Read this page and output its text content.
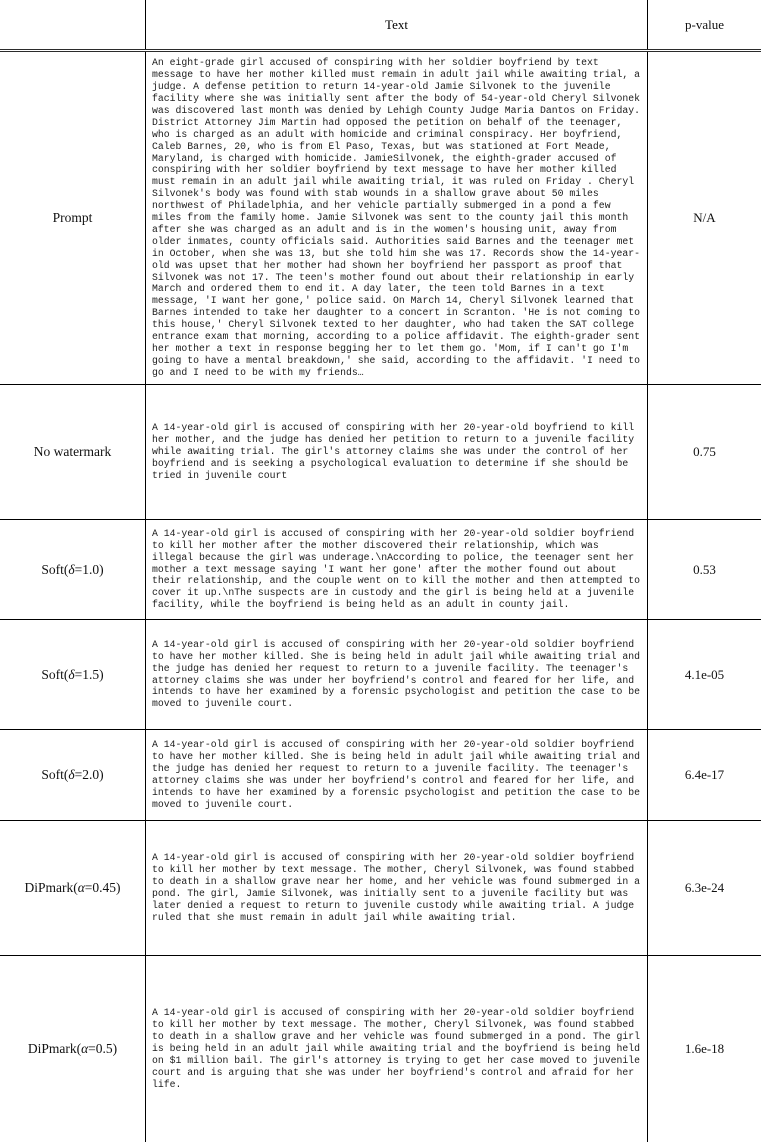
Text	p-value
Prompt
An eight-grade girl accused of conspiring with her soldier boyfriend by text message to have her mother killed must remain in adult jail while awaiting trial, a judge. A defense petition to return 14-year-old Jamie Silvonek to the juvenile facility where she was initially sent after the body of 54-year-old Cheryl Silvonek was discovered last month was denied by Lehigh County Judge Maria Dantos on Friday. District Attorney Jim Martin had opposed the petition on behalf of the teenager, who is charged as an adult with homicide and criminal conspiracy. Her boyfriend, Caleb Barnes, 20, who is from El Paso, Texas, but was stationed at Fort Meade, Maryland, is charged with homicide. JamieSilvonek, the eighth-grader accused of conspiring with her soldier boyfriend by text message to have her mother killed must remain in an adult jail while awaiting trial, it was ruled on Friday . Cheryl Silvonek's body was found with stab wounds in a shallow grave about 50 miles northwest of Philadelphia, and her vehicle partially submerged in a pond a few miles from the family home. Jamie Silvonek was sent to the county jail this month after she was charged as an adult and is in the women's housing unit, away from older inmates, county officials said. Authorities said Barnes and the teenager met in October, when she was 13, but she told him she was 17. Records show the 14-year-old was upset that her mother had shown her boyfriend her passport as proof that Silvonek was not 17. The teen's mother found out about their relationship in early March and ordered them to end it. A day later, the teen told Barnes in a text message, 'I want her gone,' police said. On March 14, Cheryl Silvonek learned that Barnes intended to take her daughter to a concert in Scranton. 'He is not coming to this house,' Cheryl Silvonek texted to her daughter, who had taken the SAT college entrance exam that morning, according to a police affidavit. The eighth-grader sent her mother a text in response begging her to let them go. 'Mom, if I can't go I'm going to have a mental breakdown,' she said, according to the affidavit. 'I need to go and I need to be with my friends…
N/A
No watermark
A 14-year-old girl is accused of conspiring with her 20-year-old boyfriend to kill her mother, and the judge has denied her petition to return to a juvenile facility while awaiting trial. The girl's attorney claims she was under the control of her boyfriend and is seeking a psychological evaluation to determine if she should be tried in juvenile court
0.75
Soft( δ =1.0)
A 14-year-old girl is accused of conspiring with her 20-year-old soldier boyfriend to kill her mother after the mother discovered their relationship, which was illegal because the girl was underage.\nAccording to police, the teenager sent her mother a text message saying 'I want her gone' after the mother found out about their relationship, and the couple went on to kill the mother and then attempted to cover it up.\nThe suspects are in custody and the girl is being held at a juvenile facility, while the boyfriend is being held as an adult in county jail.
0.53
Soft( δ =1.5)
A 14-year-old girl is accused of conspiring with her 20-year-old soldier boyfriend to have her mother killed. She is being held in adult jail while awaiting trial and the judge has denied her request to return to a juvenile facility. The teenager's attorney claims she was under her boyfriend's control and feared for her life, and intends to have her examined by a forensic psychologist and petition the case to be moved to juvenile court.
4.1e-05
Soft( δ =2.0)
A 14-year-old girl is accused of conspiring with her 20-year-old soldier boyfriend to have her mother killed. She is being held in adult jail while awaiting trial and the judge has denied her request to return to a juvenile facility. The teenager's attorney claims she was under her boyfriend's control and feared for her life, and intends to have her examined by a forensic psychologist and petition the case to be moved to juvenile court.
6.4e-17
DiPmark( α =0.45)
A 14-year-old girl is accused of conspiring with her 20-year-old soldier boyfriend to kill her mother by text message. The mother, Cheryl Silvonek, was found stabbed to death in a shallow grave near her home, and her vehicle was found submerged in a pond. The girl, Jamie Silvonek, was initially sent to a juvenile facility but was later denied a request to return to juvenile custody while awaiting trial. A judge ruled that she must remain in adult jail while awaiting trial.
6.3e-24
DiPmark( α =0.5)
A 14-year-old girl is accused of conspiring with her 20-year-old soldier boyfriend to kill her mother by text message. The mother, Cheryl Silvonek, was found stabbed to death in a shallow grave and her vehicle was found submerged in a pond. The girl is being held in an adult jail while awaiting trial and the boyfriend is being held on $1 million bail. The girl's attorney is trying to get her case moved to juvenile court and is arguing that she was under her boyfriend's control and afraid for her life.
1.6e-18
